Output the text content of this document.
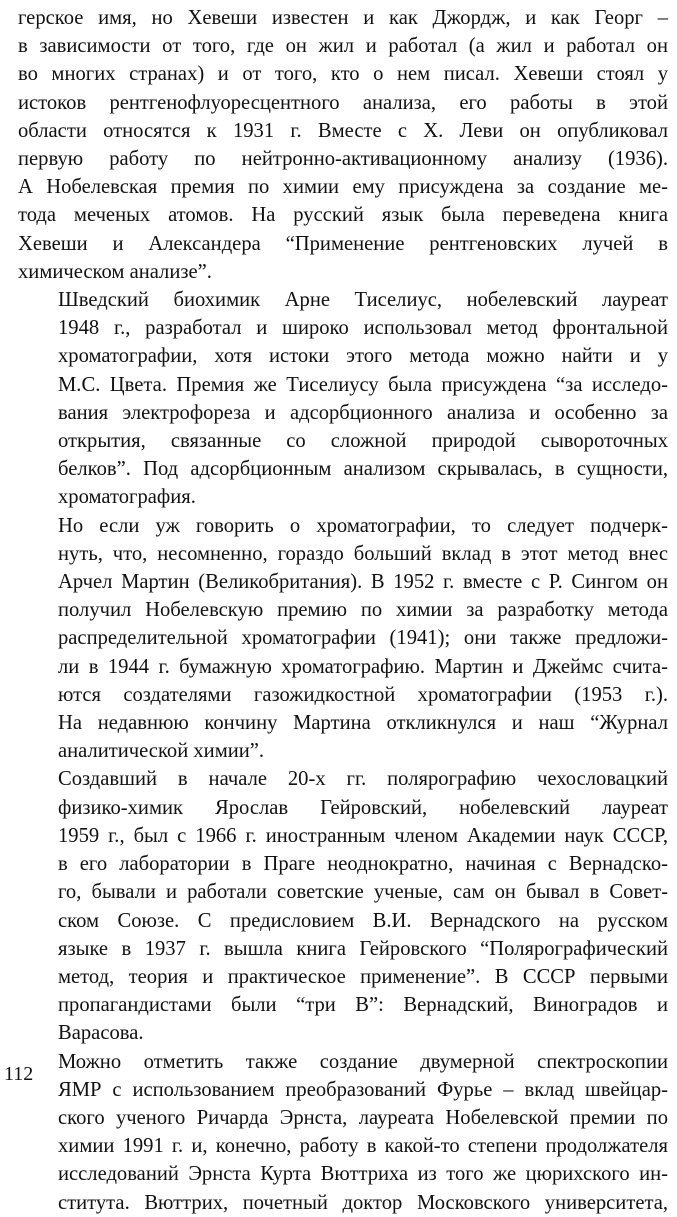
герское имя, но Хевеши известен и как Джордж, и как Георг –
в зависимости от того, где он жил и работал (а жил и работал он
во многих странах) и от того, кто о нем писал. Хевеши стоял у
истоков рентгенофлуоресцентного анализа, его работы в этой
области относятся к 1931 г. Вместе с Х. Леви он опубликовал
первую работу по нейтронно-активационному анализу (1936).
А Нобелевская премия по химии ему присуждена за создание ме-
тода меченых атомов. На русский язык была переведена книга
Хевеши и Александера “Применение рентгеновских лучей в
химическом анализе”.

Шведский биохимик Арне Тиселиус, нобелевский лауреат
1948 г., разработал и широко использовал метод фронтальной
хроматографии, хотя истоки этого метода можно найти и у
М.С. Цвета. Премия же Тиселиусу была присуждена “за исследо-
вания электрофореза и адсорбционного анализа и особенно за
открытия, связанные со сложной природой сывороточных
белков”. Под адсорбционным анализом скрывалась, в сущности,
хроматография.

Но если уж говорить о хроматографии, то следует подчерк-
нуть, что, несомненно, гораздо больший вклад в этот метод внес
Арчел Мартин (Великобритания). В 1952 г. вместе с Р. Сингом он
получил Нобелевскую премию по химии за разработку метода
распределительной хроматографии (1941); они также предложи-
ли в 1944 г. бумажную хроматографию. Мартин и Джеймс счита-
ются создателями газожидкостной хроматографии (1953 г.).
На недавнюю кончину Мартина откликнулся и наш “Журнал
аналитической химии”.

Создавший в начале 20-х гг. полярографию чехословацкий
физико-химик Ярослав Гейровский, нобелевский лауреат
1959 г., был с 1966 г. иностранным членом Академии наук СССР,
в его лаборатории в Праге неоднократно, начиная с Вернадско-
го, бывали и работали советские ученые, сам он бывал в Совет-
ском Союзе. С предисловием В.И. Вернадского на русском
языке в 1937 г. вышла книга Гейровского “Полярографический
метод, теория и практическое применение”. В СССР первыми
пропагандистами были “три В”: Вернадский, Виноградов и
Варасова.

Можно отметить также создание двумерной спектроскопии
ЯМР с использованием преобразований Фурье – вклад швейцар-
ского ученого Ричарда Эрнста, лауреата Нобелевской премии по
химии 1991 г. и, конечно, работу в какой-то степени продолжателя
исследований Эрнста Курта Вюттриха из того же цюрихского ин-
ститута. Вюттрих, почетный доктор Московского университета,

112
